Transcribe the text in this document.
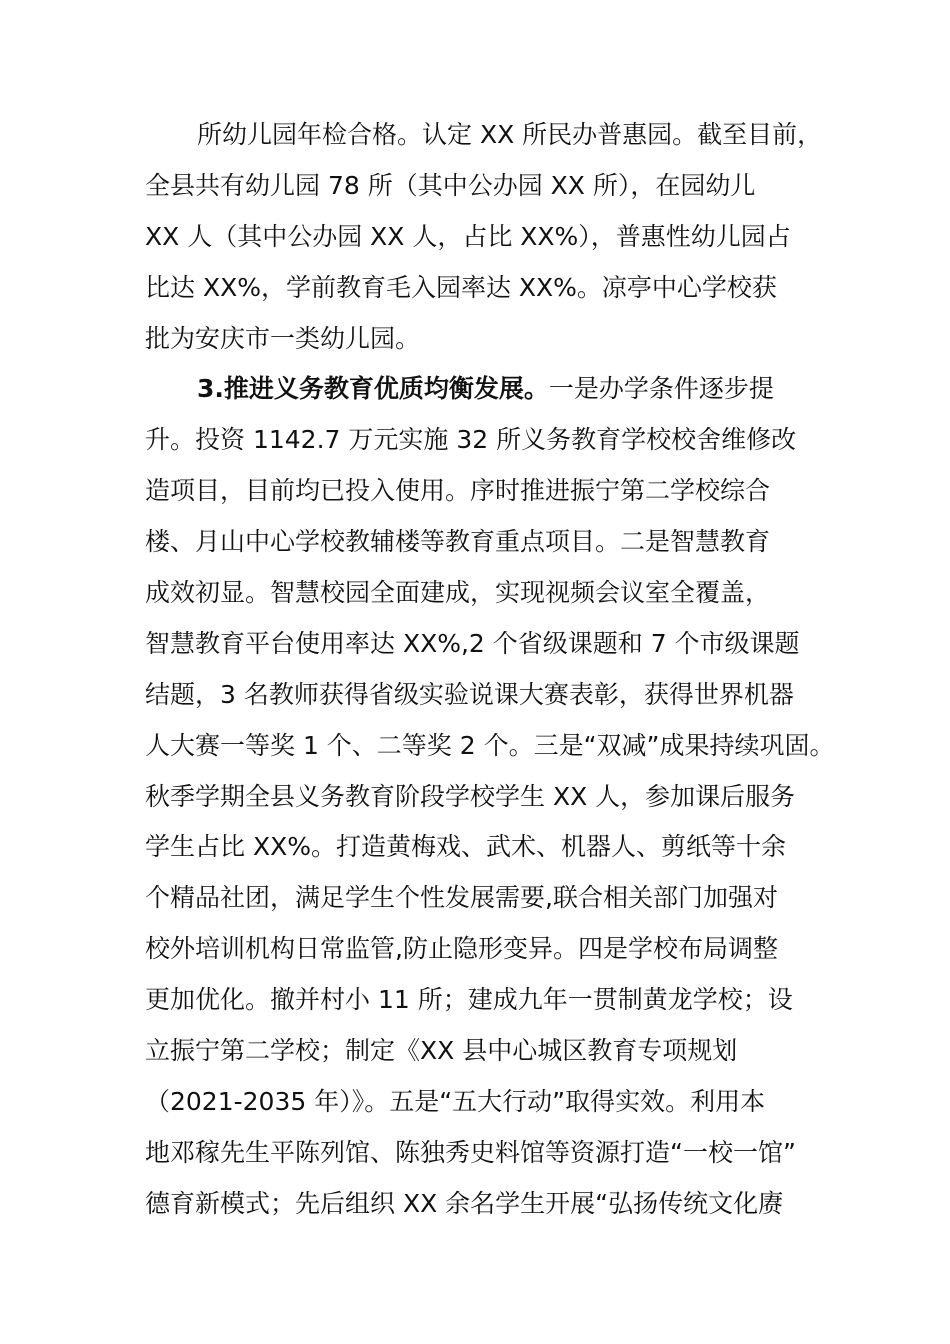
所幼儿园年检合格。认定 XX 所民办普惠园。截至目前，
全县共有幼儿园 78 所（其中公办园 XX 所），在园幼儿
XX 人（其中公办园 XX 人，占比 XX%），普惠性幼儿园占
比达 XX%，学前教育毛入园率达 XX%。凉亭中心学校获
批为安庆市一类幼儿园。
3.推进义务教育优质均衡发展。一是办学条件逐步提
升。投资 1142.7 万元实施 32 所义务教育学校校舍维修改
造项目，目前均已投入使用。序时推进振宁第二学校综合
楼、月山中心学校教辅楼等教育重点项目。二是智慧教育
成效初显。智慧校园全面建成，实现视频会议室全覆盖，
智慧教育平台使用率达 XX%,2 个省级课题和 7 个市级课题
结题，3 名教师获得省级实验说课大赛表彰，获得世界机器
人大赛一等奖 1 个、二等奖 2 个。三是“双减”成果持续巩固。
秋季学期全县义务教育阶段学校学生 XX 人，参加课后服务
学生占比 XX%。打造黄梅戏、武术、机器人、剪纸等十余
个精品社团，满足学生个性发展需要,联合相关部门加强对
校外培训机构日常监管,防止隐形变异。四是学校布局调整
更加优化。撤并村小 11 所；建成九年一贯制黄龙学校；设
立振宁第二学校；制定《XX 县中心城区教育专项规划
（2021-2035 年）》。五是“五大行动”取得实效。利用本
地邓稼先生平陈列馆、陈独秀史料馆等资源打造“一校一馆”
德育新模式；先后组织 XX 余名学生开展“弘扬传统文化赓
